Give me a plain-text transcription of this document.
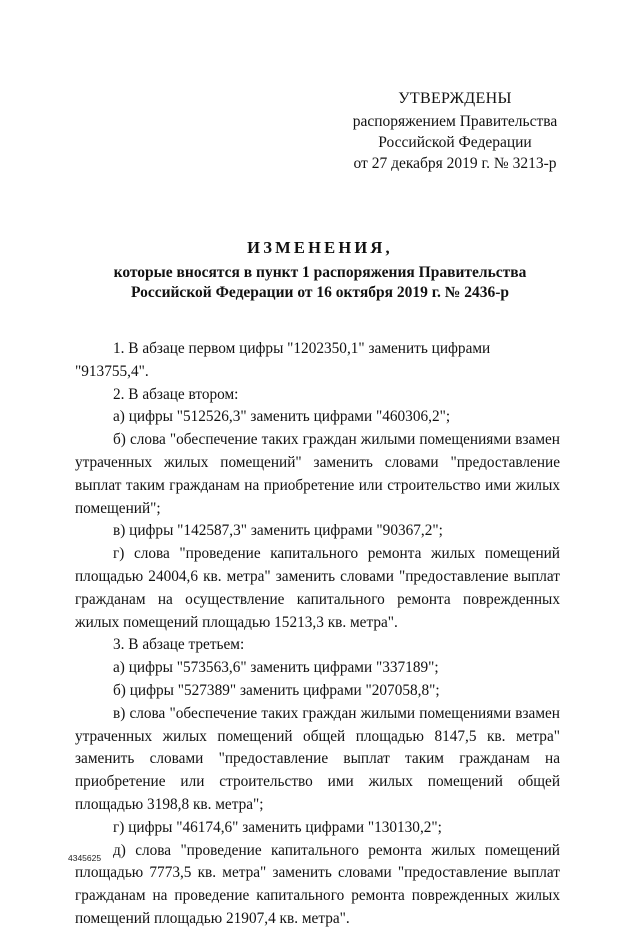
УТВЕРЖДЕНЫ
распоряжением Правительства
Российской Федерации
от 27 декабря 2019 г. № 3213-р
ИЗМЕНЕНИЯ,
которые вносятся в пункт 1 распоряжения Правительства
Российской Федерации от 16 октября 2019 г. № 2436-р

1. В абзаце первом цифры "1202350,1" заменить цифрами "913755,4".

2. В абзаце втором:

а) цифры "512526,3" заменить цифрами "460306,2";

б) слова "обеспечение таких граждан жилыми помещениями взамен утраченных жилых помещений" заменить словами "предоставление выплат таким гражданам на приобретение или строительство ими жилых помещений";

в) цифры "142587,3" заменить цифрами "90367,2";

г) слова "проведение капитального ремонта жилых помещений площадью 24004,6 кв. метра" заменить словами "предоставление выплат гражданам на осуществление капитального ремонта поврежденных жилых помещений площадью 15213,3 кв. метра".

3. В абзаце третьем:

а) цифры "573563,6" заменить цифрами "337189";

б) цифры "527389" заменить цифрами "207058,8";

в) слова "обеспечение таких граждан жилыми помещениями взамен утраченных жилых помещений общей площадью 8147,5 кв. метра" заменить словами "предоставление выплат таким гражданам на приобретение или строительство ими жилых помещений общей площадью 3198,8 кв. метра";

г) цифры "46174,6" заменить цифрами "130130,2";

д) слова "проведение капитального ремонта жилых помещений площадью 7773,5 кв. метра" заменить словами "предоставление выплат гражданам на проведение капитального ремонта поврежденных жилых помещений площадью 21907,4 кв. метра".

4345625
